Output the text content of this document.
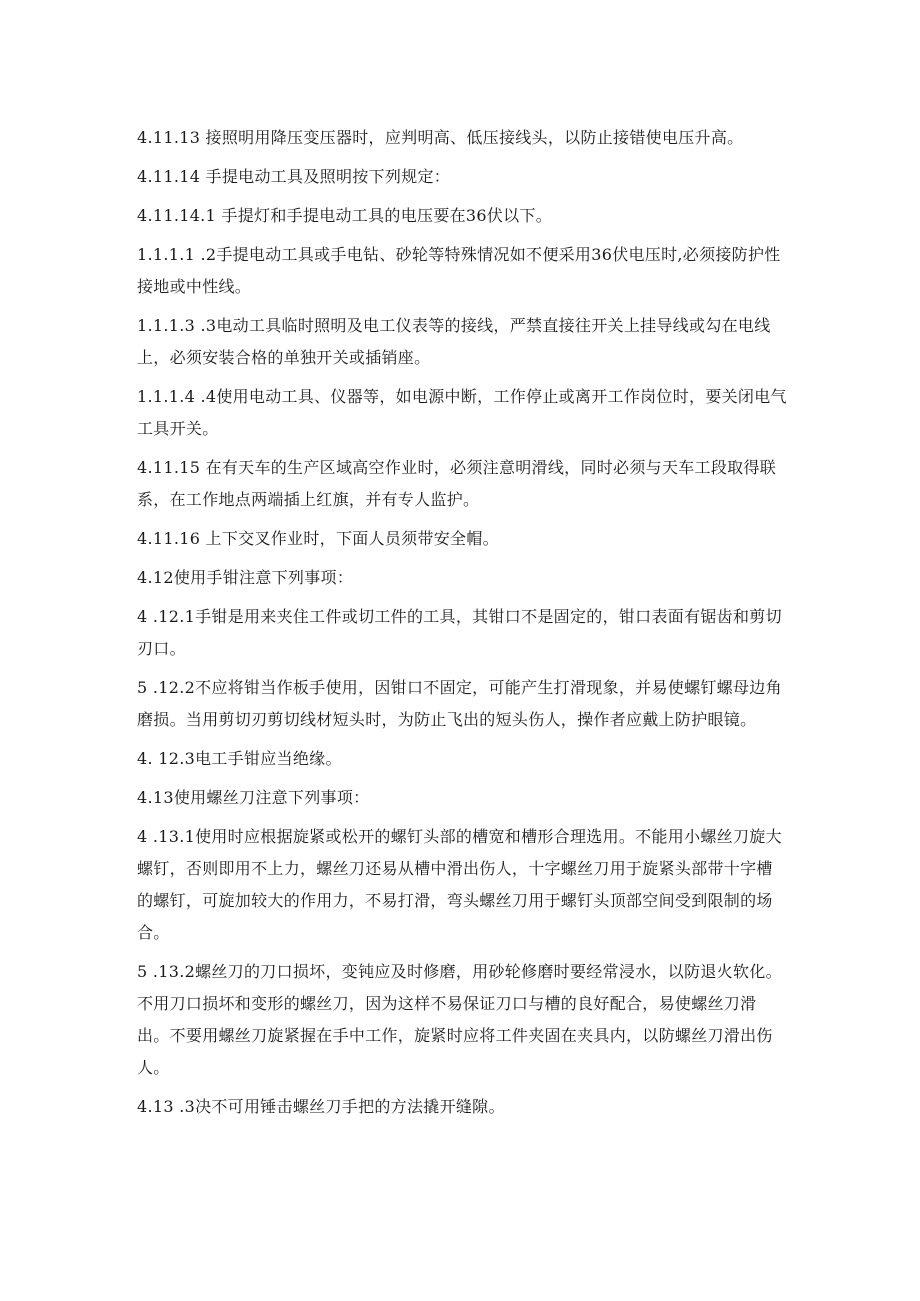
4.11.13 接照明用降压变压器时，应判明高、低压接线头，以防止接错使电压升高。

4.11.14 手提电动工具及照明按下列规定：

4.11.14.1 手提灯和手提电动工具的电压要在36伏以下。

1.1.1.1 .2手提电动工具或手电钻、砂轮等特殊情况如不便采用36伏电压时,必须接防护性接地或中性线。

1.1.1.3 .3电动工具临时照明及电工仪表等的接线，严禁直接往开关上挂导线或勾在电线上，必须安装合格的单独开关或插销座。

1.1.1.4 .4使用电动工具、仪器等，如电源中断，工作停止或离开工作岗位时，要关闭电气工具开关。

4.11.15 在有天车的生产区域高空作业时，必须注意明滑线，同时必须与天车工段取得联系，在工作地点两端插上红旗，并有专人监护。

4.11.16 上下交叉作业时，下面人员须带安全帽。

4.12使用手钳注意下列事项：

4 .12.1手钳是用来夹住工件或切工件的工具，其钳口不是固定的，钳口表面有锯齿和剪切刃口。

5 .12.2不应将钳当作板手使用，因钳口不固定，可能产生打滑现象，并易使螺钉螺母边角磨损。当用剪切刃剪切线材短头时，为防止飞出的短头伤人，操作者应戴上防护眼镜。

4. 12.3电工手钳应当绝缘。

4.13使用螺丝刀注意下列事项：

4 .13.1使用时应根据旋紧或松开的螺钉头部的槽宽和槽形合理选用。不能用小螺丝刀旋大螺钉，否则即用不上力，螺丝刀还易从槽中滑出伤人，十字螺丝刀用于旋紧头部带十字槽的螺钉，可旋加较大的作用力，不易打滑，弯头螺丝刀用于螺钉头顶部空间受到限制的场合。

5 .13.2螺丝刀的刀口损坏，变钝应及时修磨，用砂轮修磨时要经常浸水，以防退火软化。不用刀口损坏和变形的螺丝刀，因为这样不易保证刀口与槽的良好配合，易使螺丝刀滑出。不要用螺丝刀旋紧握在手中工作，旋紧时应将工件夹固在夹具内，以防螺丝刀滑出伤人。

4.13 .3决不可用锤击螺丝刀手把的方法撬开缝隙。
